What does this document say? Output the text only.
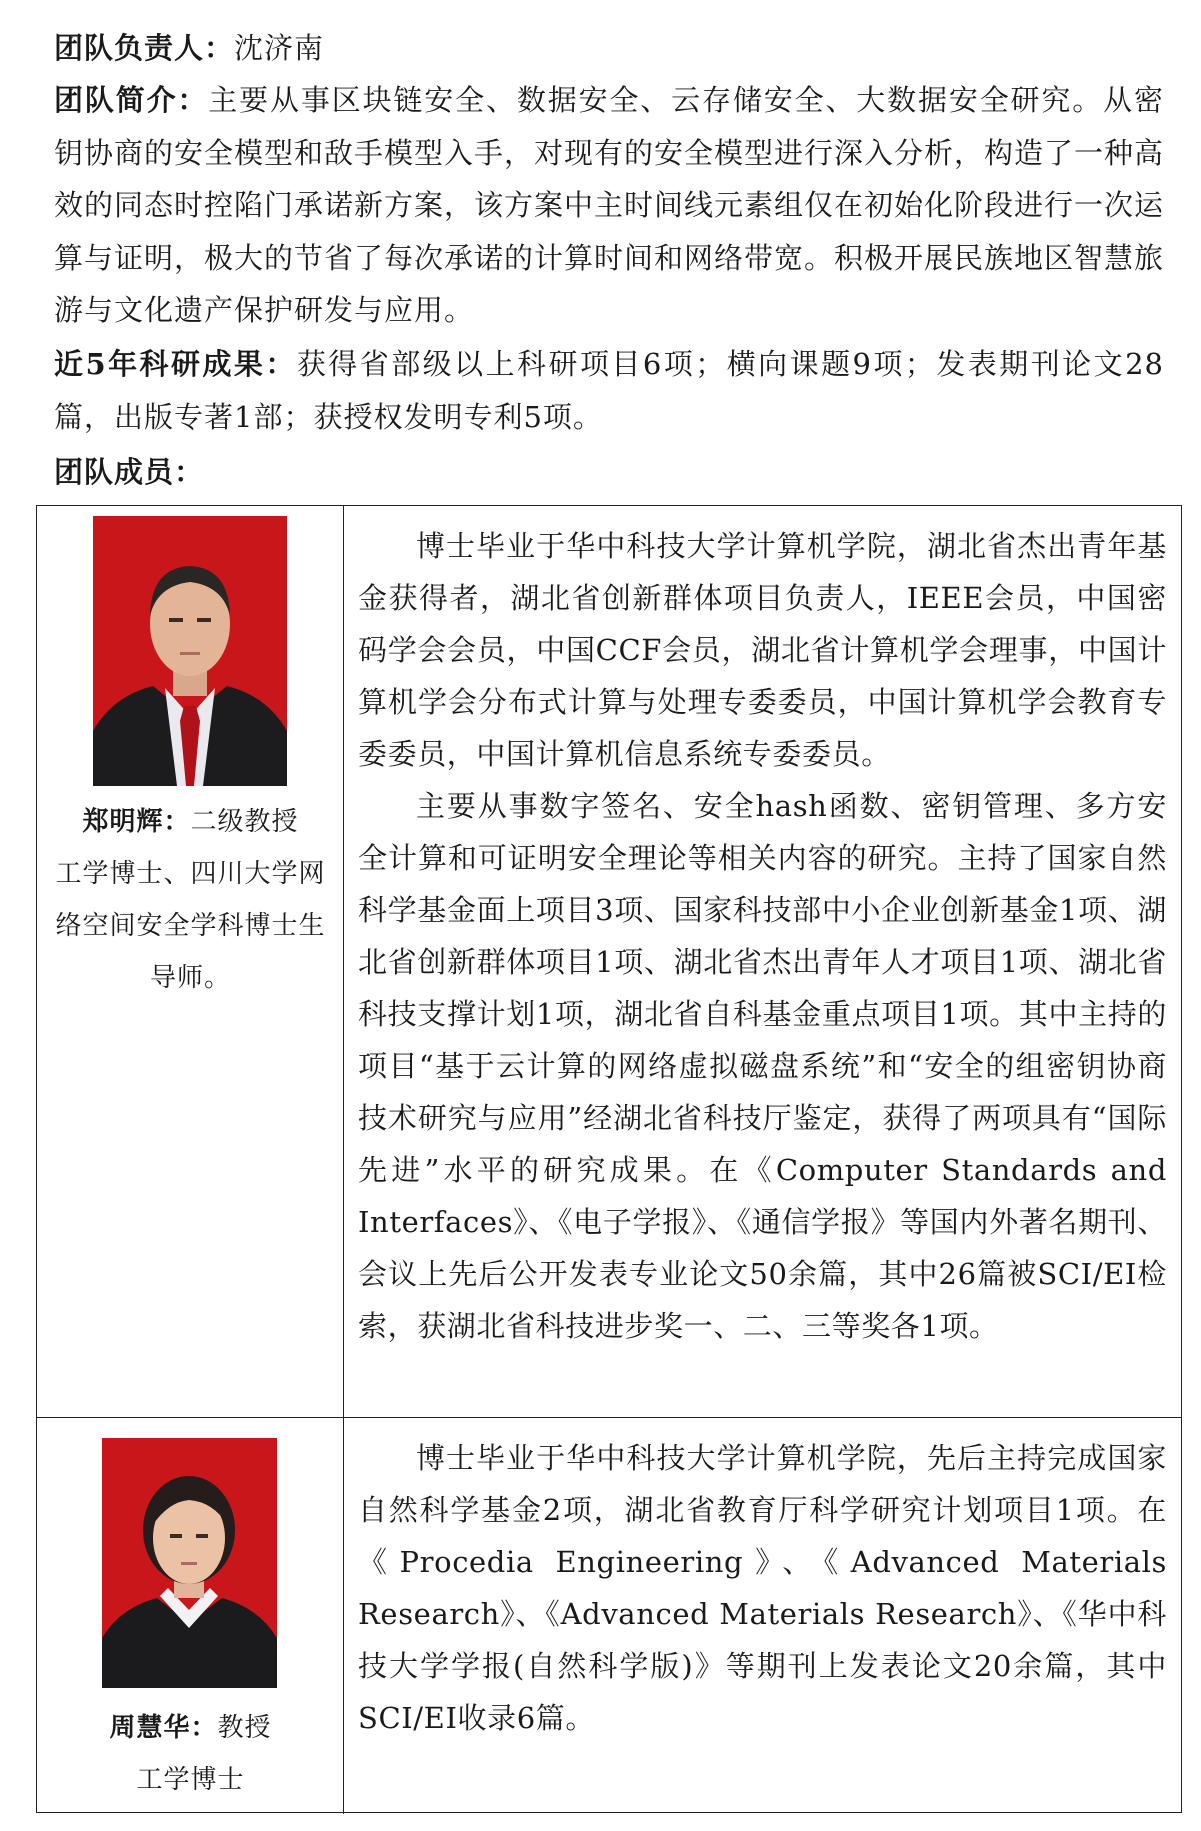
团队负责人：沈济南
团队简介：主要从事区块链安全、数据安全、云存储安全、大数据安全研究。从密钥协商的安全模型和敌手模型入手，对现有的安全模型进行深入分析，构造了一种高效的同态时控陷门承诺新方案，该方案中主时间线元素组仅在初始化阶段进行一次运算与证明，极大的节省了每次承诺的计算时间和网络带宽。积极开展民族地区智慧旅游与文化遗产保护研发与应用。
近5年科研成果：获得省部级以上科研项目6项；横向课题9项；发表期刊论文28篇，出版专著1部；获授权发明专利5项。
团队成员：
郑明辉：二级教授
工学博士、四川大学网络空间安全学科博士生导师。

博士毕业于华中科技大学计算机学院，湖北省杰出青年基金获得者，湖北省创新群体项目负责人，IEEE会员，中国密码学会会员，中国CCF会员，湖北省计算机学会理事，中国计算机学会分布式计算与处理专委委员，中国计算机学会教育专委委员，中国计算机信息系统专委委员。

主要从事数字签名、安全hash函数、密钥管理、多方安全计算和可证明安全理论等相关内容的研究。主持了国家自然科学基金面上项目3项、国家科技部中小企业创新基金1项、湖北省创新群体项目1项、湖北省杰出青年人才项目1项、湖北省科技支撑计划1项，湖北省自科基金重点项目1项。其中主持的项目“基于云计算的网络虚拟磁盘系统”和“安全的组密钥协商技术研究与应用”经湖北省科技厅鉴定，获得了两项具有“国际先进”水平的研究成果。在《Computer Standards and Interfaces》、《电子学报》、《通信学报》等国内外著名期刊、会议上先后公开发表专业论文50余篇，其中26篇被SCI/EI检索，获湖北省科技进步奖一、二、三等奖各1项。

周慧华：教授
工学博士

博士毕业于华中科技大学计算机学院，先后主持完成国家自然科学基金2项，湖北省教育厅科学研究计划项目1项。在《Procedia Engineering》、《Advanced Materials Research》、《Advanced Materials Research》、《华中科技大学学报(自然科学版)》等期刊上发表论文20余篇，其中SCI/EI收录6篇。
